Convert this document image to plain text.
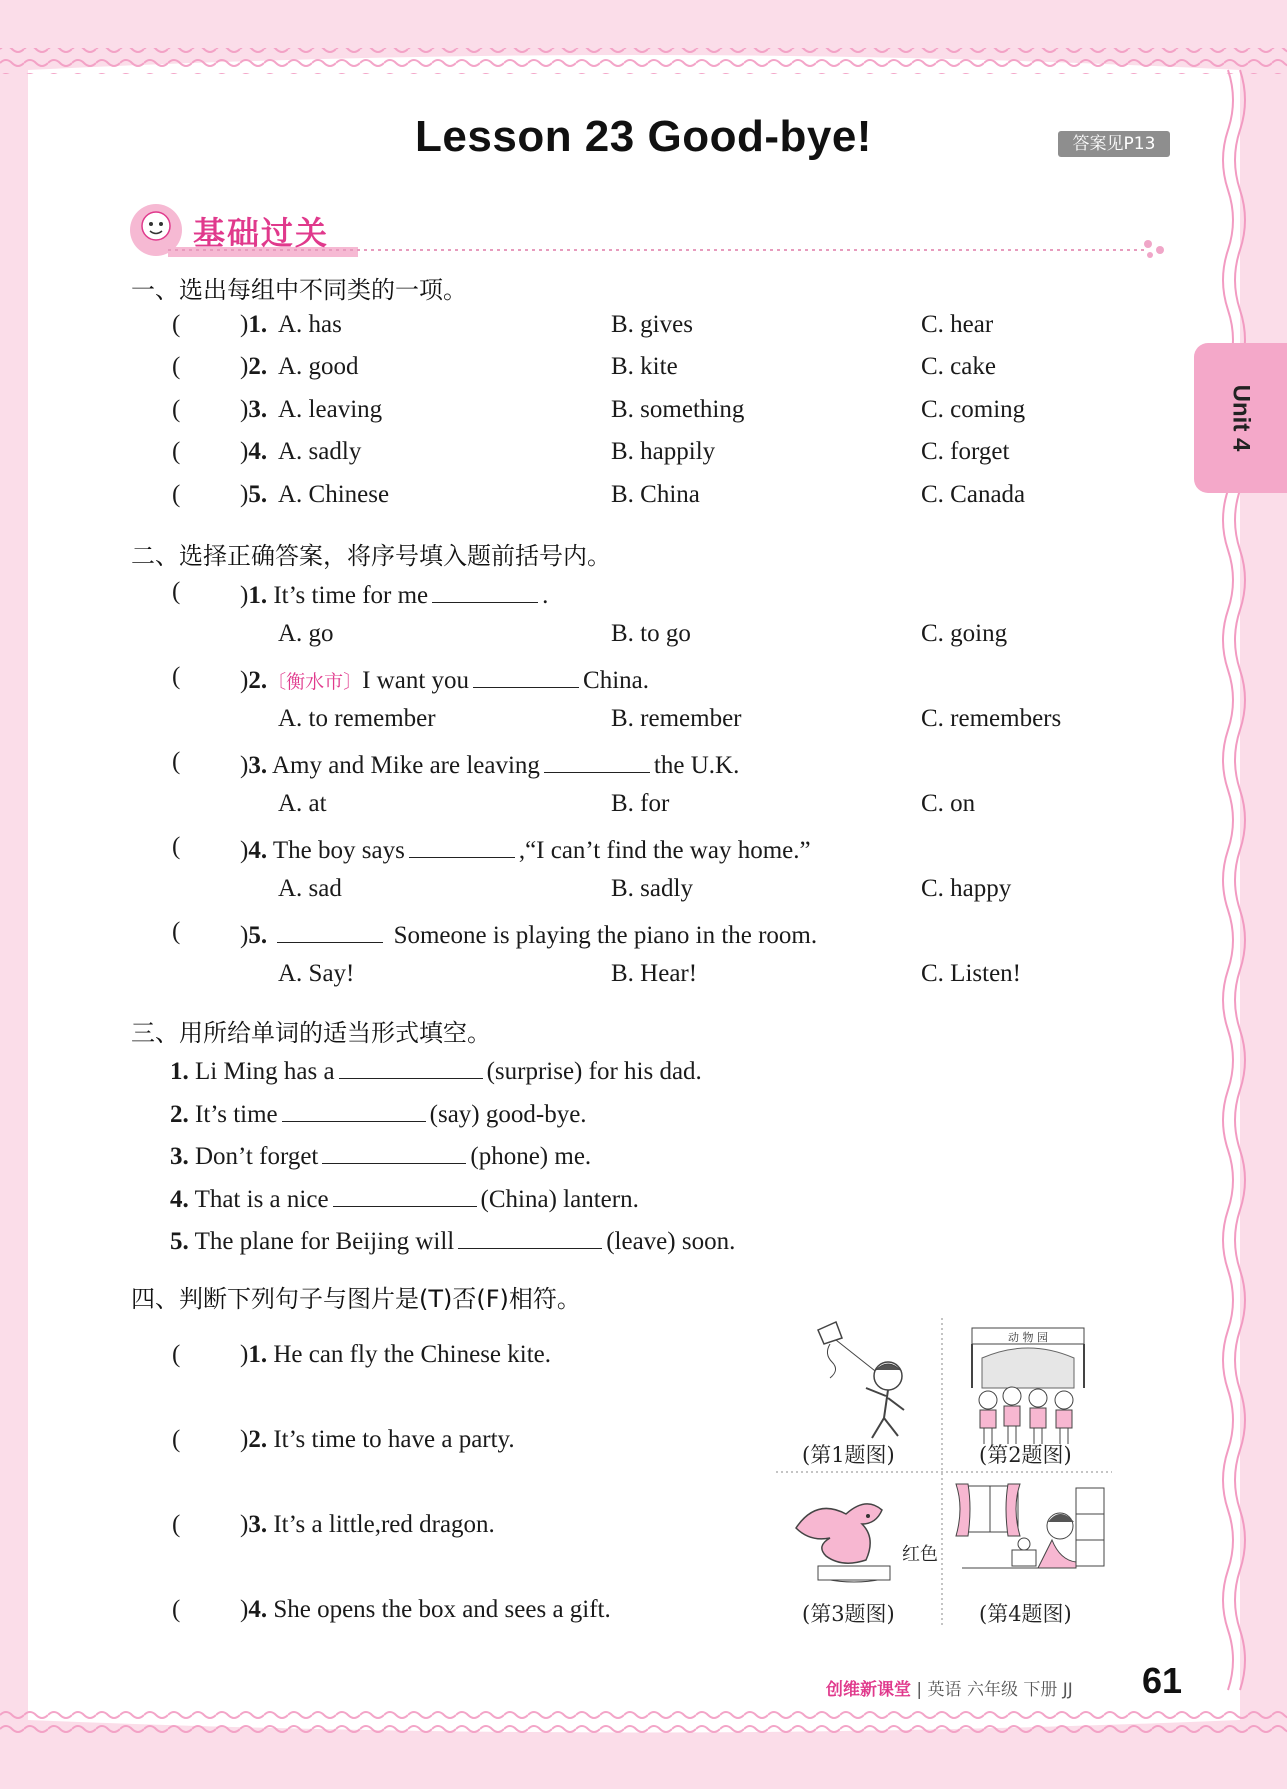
Lesson 23 Good-bye!	答案见P13
基础过关
Unit 4
一、选出每组中不同类的一项。
( )1. A. has	B. gives	C. hear
( )2. A. good	B. kite	C. cake
( )3. A. leaving	B. something	C. coming
( )4. A. sadly	B. happily	C. forget
( )5. A. Chinese	B. China	C. Canada
二、选择正确答案，将序号填入题前括号内。
( )1. It’s time for me	.
A. go	B. to go	C. going
( )2.〔衡水市〕I want you	China.
A. to remember	B. remember	C. remembers
( )3. Amy and Mike are leaving	the U.K.
A. at	B. for	C. on
( )4. The boy says	,“I can’t find the way home.”
A. sad	B. sadly	C. happy
( )5.	Someone is playing the piano in the room.
A. Say!	B. Hear!	C. Listen!
三、用所给单词的适当形式填空。
1. Li Ming has a	(surprise) for his dad.
2. It’s time	(say) good-bye.
3. Don’t forget	(phone) me.
4. That is a nice	(China) lantern.
5. The plane for Beijing will	(leave) soon.
四、判断下列句子与图片是(T)否(F)相符。
( )1. He can fly the Chinese kite.
( )2. It’s time to have a party.
( )3. It’s a little,red dragon.
( )4. She opens the box and sees a gift.
动 物 园
红色
(第1题图)	(第2题图)
(第3题图)	(第4题图)
创维新课堂 | 英语 六年级 下册 JJ 61
